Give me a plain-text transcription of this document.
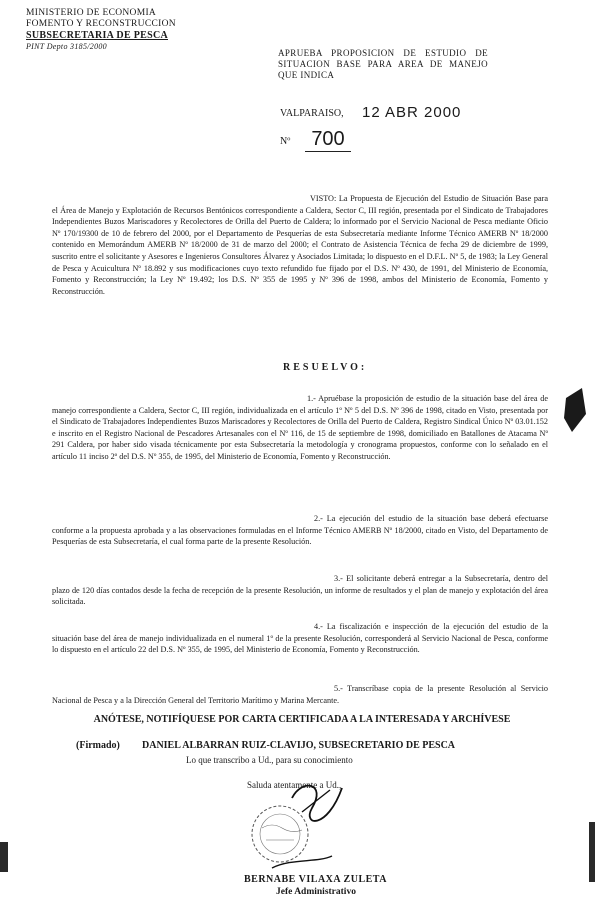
MINISTERIO DE ECONOMIA
FOMENTO Y RECONSTRUCCION
SUBSECRETARIA DE PESCA
PINT Depto 3185/2000
APRUEBA PROPOSICION DE ESTUDIO DE SITUACION BASE PARA AREA DE MANEJO QUE INDICA
VALPARAISO, 12 ABR 2000
Nº	700
VISTO: La Propuesta de Ejecución del Estudio de Situación Base para el Área de Manejo y Explotación de Recursos Bentónicos correspondiente a Caldera, Sector C, III región, presentada por el Sindicato de Trabajadores Independientes Buzos Mariscadores y Recolectores de Orilla del Puerto de Caldera; lo informado por el Servicio Nacional de Pesca mediante Oficio Nº 170/19300 de 10 de febrero del 2000, por el Departamento de Pesquerías de esta Subsecretaría mediante Informe Técnico AMERB Nº 18/2000 contenido en Memorándum AMERB Nº 18/2000 de 31 de marzo del 2000; el Contrato de Asistencia Técnica de fecha 29 de diciembre de 1999, suscrito entre el solicitante y Asesores e Ingenieros Consultores Álvarez y Asociados Limitada; lo dispuesto en el D.F.L. Nº 5, de 1983; la Ley General de Pesca y Acuicultura Nº 18.892 y sus modificaciones cuyo texto refundido fue fijado por el D.S. Nº 430, de 1991, del Ministerio de Economía, Fomento y Reconstrucción; la Ley Nº 19.492; los D.S. Nº 355 de 1995 y Nº 396 de 1998, ambos del Ministerio de Economía, Fomento y Reconstrucción.
RESUELVO:
1.- Apruébase la proposición de estudio de la situación base del área de manejo correspondiente a Caldera, Sector C, III región, individualizada en el artículo 1º Nº 5 del D.S. Nº 396 de 1998, citado en Visto, presentada por el Sindicato de Trabajadores Independientes Buzos Mariscadores y Recolectores de Orilla del Puerto de Caldera, Registro Sindical Único Nº 03.01.152 e inscrito en el Registro Nacional de Pescadores Artesanales con el Nº 116, de 15 de septiembre de 1998, domiciliado en Batallones de Atacama Nº 291 Caldera, por haber sido visada técnicamente por esta Subsecretaría la metodología y cronograma propuestos, conforme con lo señalado en el artículo 11 inciso 2º del D.S. Nº 355, de 1995, del Ministerio de Economía, Fomento y Reconstrucción.
2.- La ejecución del estudio de la situación base deberá efectuarse conforme a la propuesta aprobada y a las observaciones formuladas en el Informe Técnico AMERB Nº 18/2000, citado en Visto, del Departamento de Pesquerías de esta Subsecretaría, el cual forma parte de la presente Resolución.
3.- El solicitante deberá entregar a la Subsecretaría, dentro del plazo de 120 días contados desde la fecha de recepción de la presente Resolución, un informe de resultados y el plan de manejo y explotación del área solicitada.
4.- La fiscalización e inspección de la ejecución del estudio de la situación base del área de manejo individualizada en el numeral 1º de la presente Resolución, corresponderá al Servicio Nacional de Pesca, conforme lo dispuesto en el artículo 22 del D.S. Nº 355, de 1995, del Ministerio de Economía, Fomento y Reconstrucción.
5.- Transcríbase copia de la presente Resolución al Servicio Nacional de Pesca y a la Dirección General del Territorio Marítimo y Marina Mercante.
ANÓTESE, NOTIFÍQUESE POR CARTA CERTIFICADA A LA INTERESADA Y ARCHÍVESE
(Firmado) DANIEL ALBARRAN RUIZ-CLAVIJO, SUBSECRETARIO DE PESCA
Lo que transcribo a Ud., para su conocimiento
Saluda atentamente a Ud.,
BERNABE VILAXA ZULETA
Jefe Administrativo
